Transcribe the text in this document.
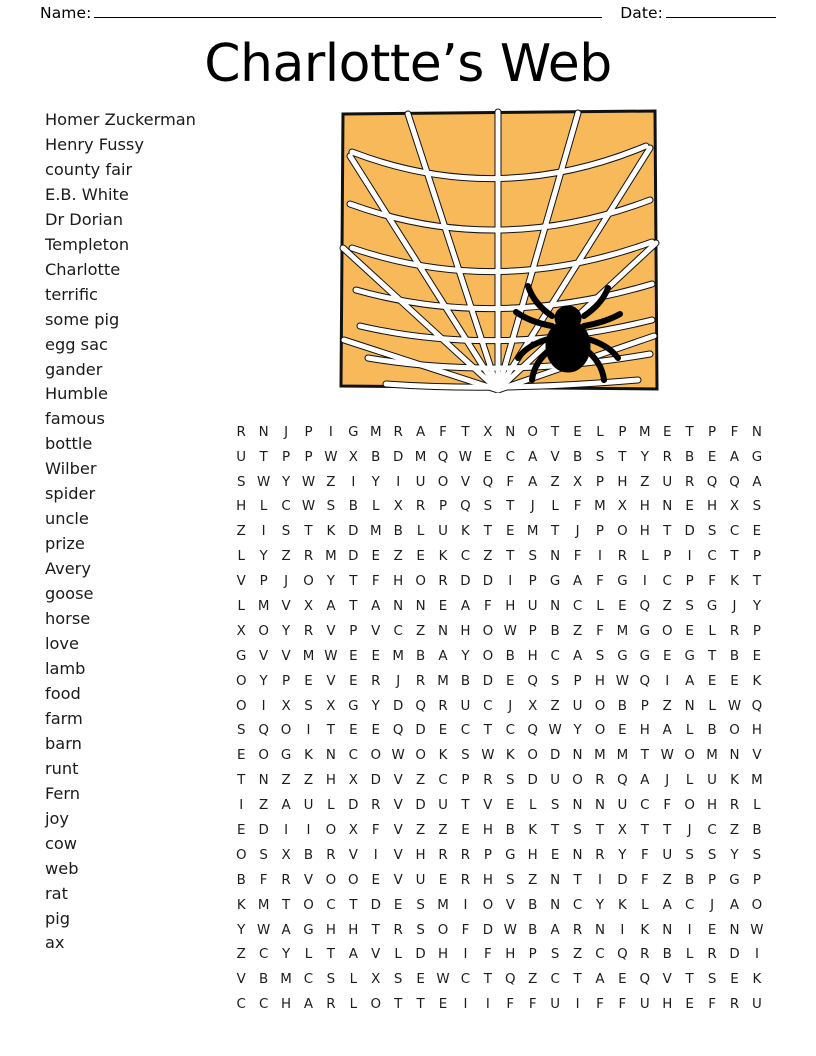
Name:	Date:
Charlotte’s Web
Homer Zuckerman
Henry Fussy
county fair
E.B. White
Dr Dorian
Templeton
Charlotte
terrific
some pig
egg sac
gander
Humble
famous
bottle
Wilber
spider
uncle
prize
Avery
goose
horse
love
lamb
food
farm
barn
runt
Fern
joy
cow
web
rat
pig
ax
R N	J	P	I	G M R A	F	T	X N O T	E	L	P M E	T	P	F	N
U	T	P	P W X B D M Q W E	C A V B	S	T	Y	R B	E	A G
S W Y W Z	I	Y	I	U O V Q F	A Z X	P H Z U R Q Q A
H	L	C W S	B	L	X R	P Q S	T	J	L	F M X H N E H X	S
Z	I	S	T	K D M B	L	U K	T	E M T	J	P O H T D S	C	E
L	Y	Z R M D E	Z	E	K C Z	T	S N	F	I	R	L	P	I	C	T	P
V	P	J	O Y	T	F	H O R D D	I	P G A	F G	I	C	P	F	K	T
L M V X A	T	A N N E	A	F	H U N C	L	E Q Z	S G	J	Y
X O Y	R V	P	V C Z N H O W P	B Z	F M G O E	L	R	P
G V V M W E	E M B A	Y O B H C A	S G G E G T	B	E
O Y	P	E	V	E	R	J	R M B D E Q S	P H W Q	I	A	E	E	K
O	I	X	S	X G Y D Q R U C	J	X Z U O B	P	Z N	L W Q
S Q O	I	T	E	E Q D E	C	T	C Q W Y O E H A	L	B O H
E O G K N C O W O K	S W K O D N M M T W O M N V
T N Z Z H X D V Z C	P	R	S D U O R Q A	J	L	U K M
I	Z A U	L	D R V D U	T	V	E	L	S N N U C	F O H R	L
E D	I	I	O X	F	V Z Z	E H B	K	T	S	T	X	T	T	J	C Z B
O S	X B R V	I	V H R R	P G H E N R	Y	F	U S	S	Y	S
B	F	R V O O E	V U E	R H S	Z N T	I	D	F	Z B	P G P
K M T O C	T D E	S M	I	O V B N C	Y	K	L	A C	J	A O
Y W A G H H T	R	S O F	D W B A R N	I	K N	I	E N W
Z C	Y	L	T	A V	L	D H	I	F	H P	S	Z C Q R B	L	R D	I
V B M C	S	L	X	S	E W C	T Q Z C	T	A	E Q V	T	S	E	K
C C H A R	L	O T	T	E	I	I	F	F	U	I	F	F	U H E	F	R U
